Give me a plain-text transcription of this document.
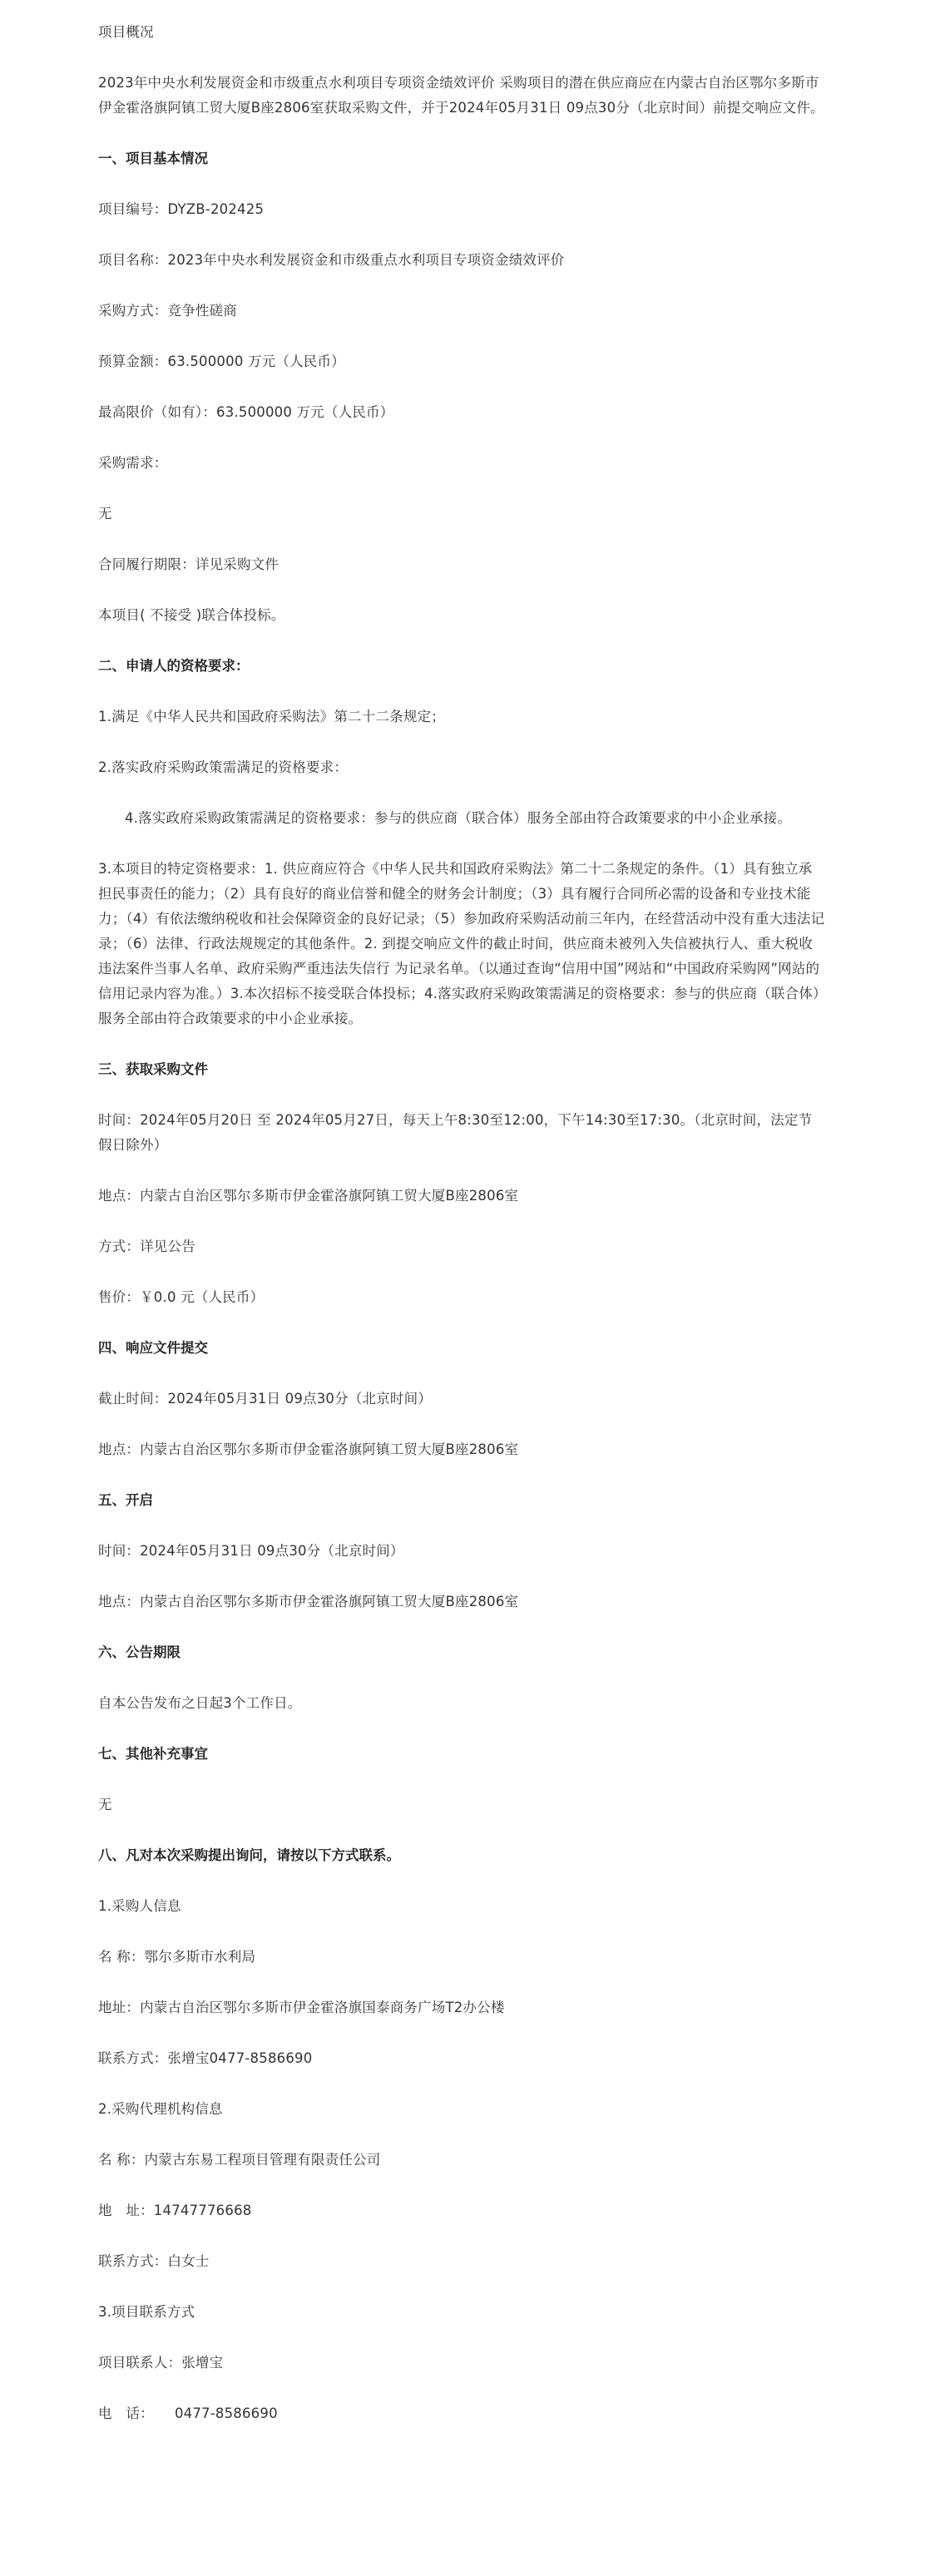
项目概况

2023年中央水利发展资金和市级重点水利项目专项资金绩效评价 采购项目的潜在供应商应在内蒙古自治区鄂尔多斯市伊金霍洛旗阿镇工贸大厦B座2806室获取采购文件，并于2024年05月31日 09点30分（北京时间）前提交响应文件。

一、项目基本情况

项目编号：DYZB-202425

项目名称：2023年中央水利发展资金和市级重点水利项目专项资金绩效评价

采购方式：竞争性磋商

预算金额：63.500000 万元（人民币）

最高限价（如有）：63.500000 万元（人民币）

采购需求：

无

合同履行期限：详见采购文件

本项目( 不接受 )联合体投标。

二、申请人的资格要求：

1.满足《中华人民共和国政府采购法》第二十二条规定；

2.落实政府采购政策需满足的资格要求：

4.落实政府采购政策需满足的资格要求：参与的供应商（联合体）服务全部由符合政策要求的中小企业承接。

3.本项目的特定资格要求：1. 供应商应符合《中华人民共和国政府采购法》第二十二条规定的条件。（1）具有独立承担民事责任的能力；（2）具有良好的商业信誉和健全的财务会计制度；（3）具有履行合同所必需的设备和专业技术能力；（4）有依法缴纳税收和社会保障资金的良好记录；（5）参加政府采购活动前三年内，在经营活动中没有重大违法记录；（6）法律、行政法规规定的其他条件。2. 到提交响应文件的截止时间，供应商未被列入失信被执行人、重大税收违法案件当事人名单、政府采购严重违法失信行 为记录名单。（以通过查询“信用中国”网站和“中国政府采购网”网站的信用记录内容为准。）3.本次招标不接受联合体投标；4.落实政府采购政策需满足的资格要求：参与的供应商（联合体）服务全部由符合政策要求的中小企业承接。

三、获取采购文件

时间：2024年05月20日 至 2024年05月27日，每天上午8:30至12:00，下午14:30至17:30。（北京时间，法定节假日除外）

地点：内蒙古自治区鄂尔多斯市伊金霍洛旗阿镇工贸大厦B座2806室

方式：详见公告

售价：￥0.0 元（人民币）

四、响应文件提交

截止时间：2024年05月31日 09点30分（北京时间）

地点：内蒙古自治区鄂尔多斯市伊金霍洛旗阿镇工贸大厦B座2806室

五、开启

时间：2024年05月31日 09点30分（北京时间）

地点：内蒙古自治区鄂尔多斯市伊金霍洛旗阿镇工贸大厦B座2806室

六、公告期限

自本公告发布之日起3个工作日。

七、其他补充事宜

无

八、凡对本次采购提出询问，请按以下方式联系。

1.采购人信息

名 称：鄂尔多斯市水利局

地址：内蒙古自治区鄂尔多斯市伊金霍洛旗国泰商务广场T2办公楼

联系方式：张增宝0477-8586690

2.采购代理机构信息

名 称：内蒙古东易工程项目管理有限责任公司

地　址：14747776668

联系方式：白女士

3.项目联系方式

项目联系人：张增宝

电　话：　　0477-8586690
